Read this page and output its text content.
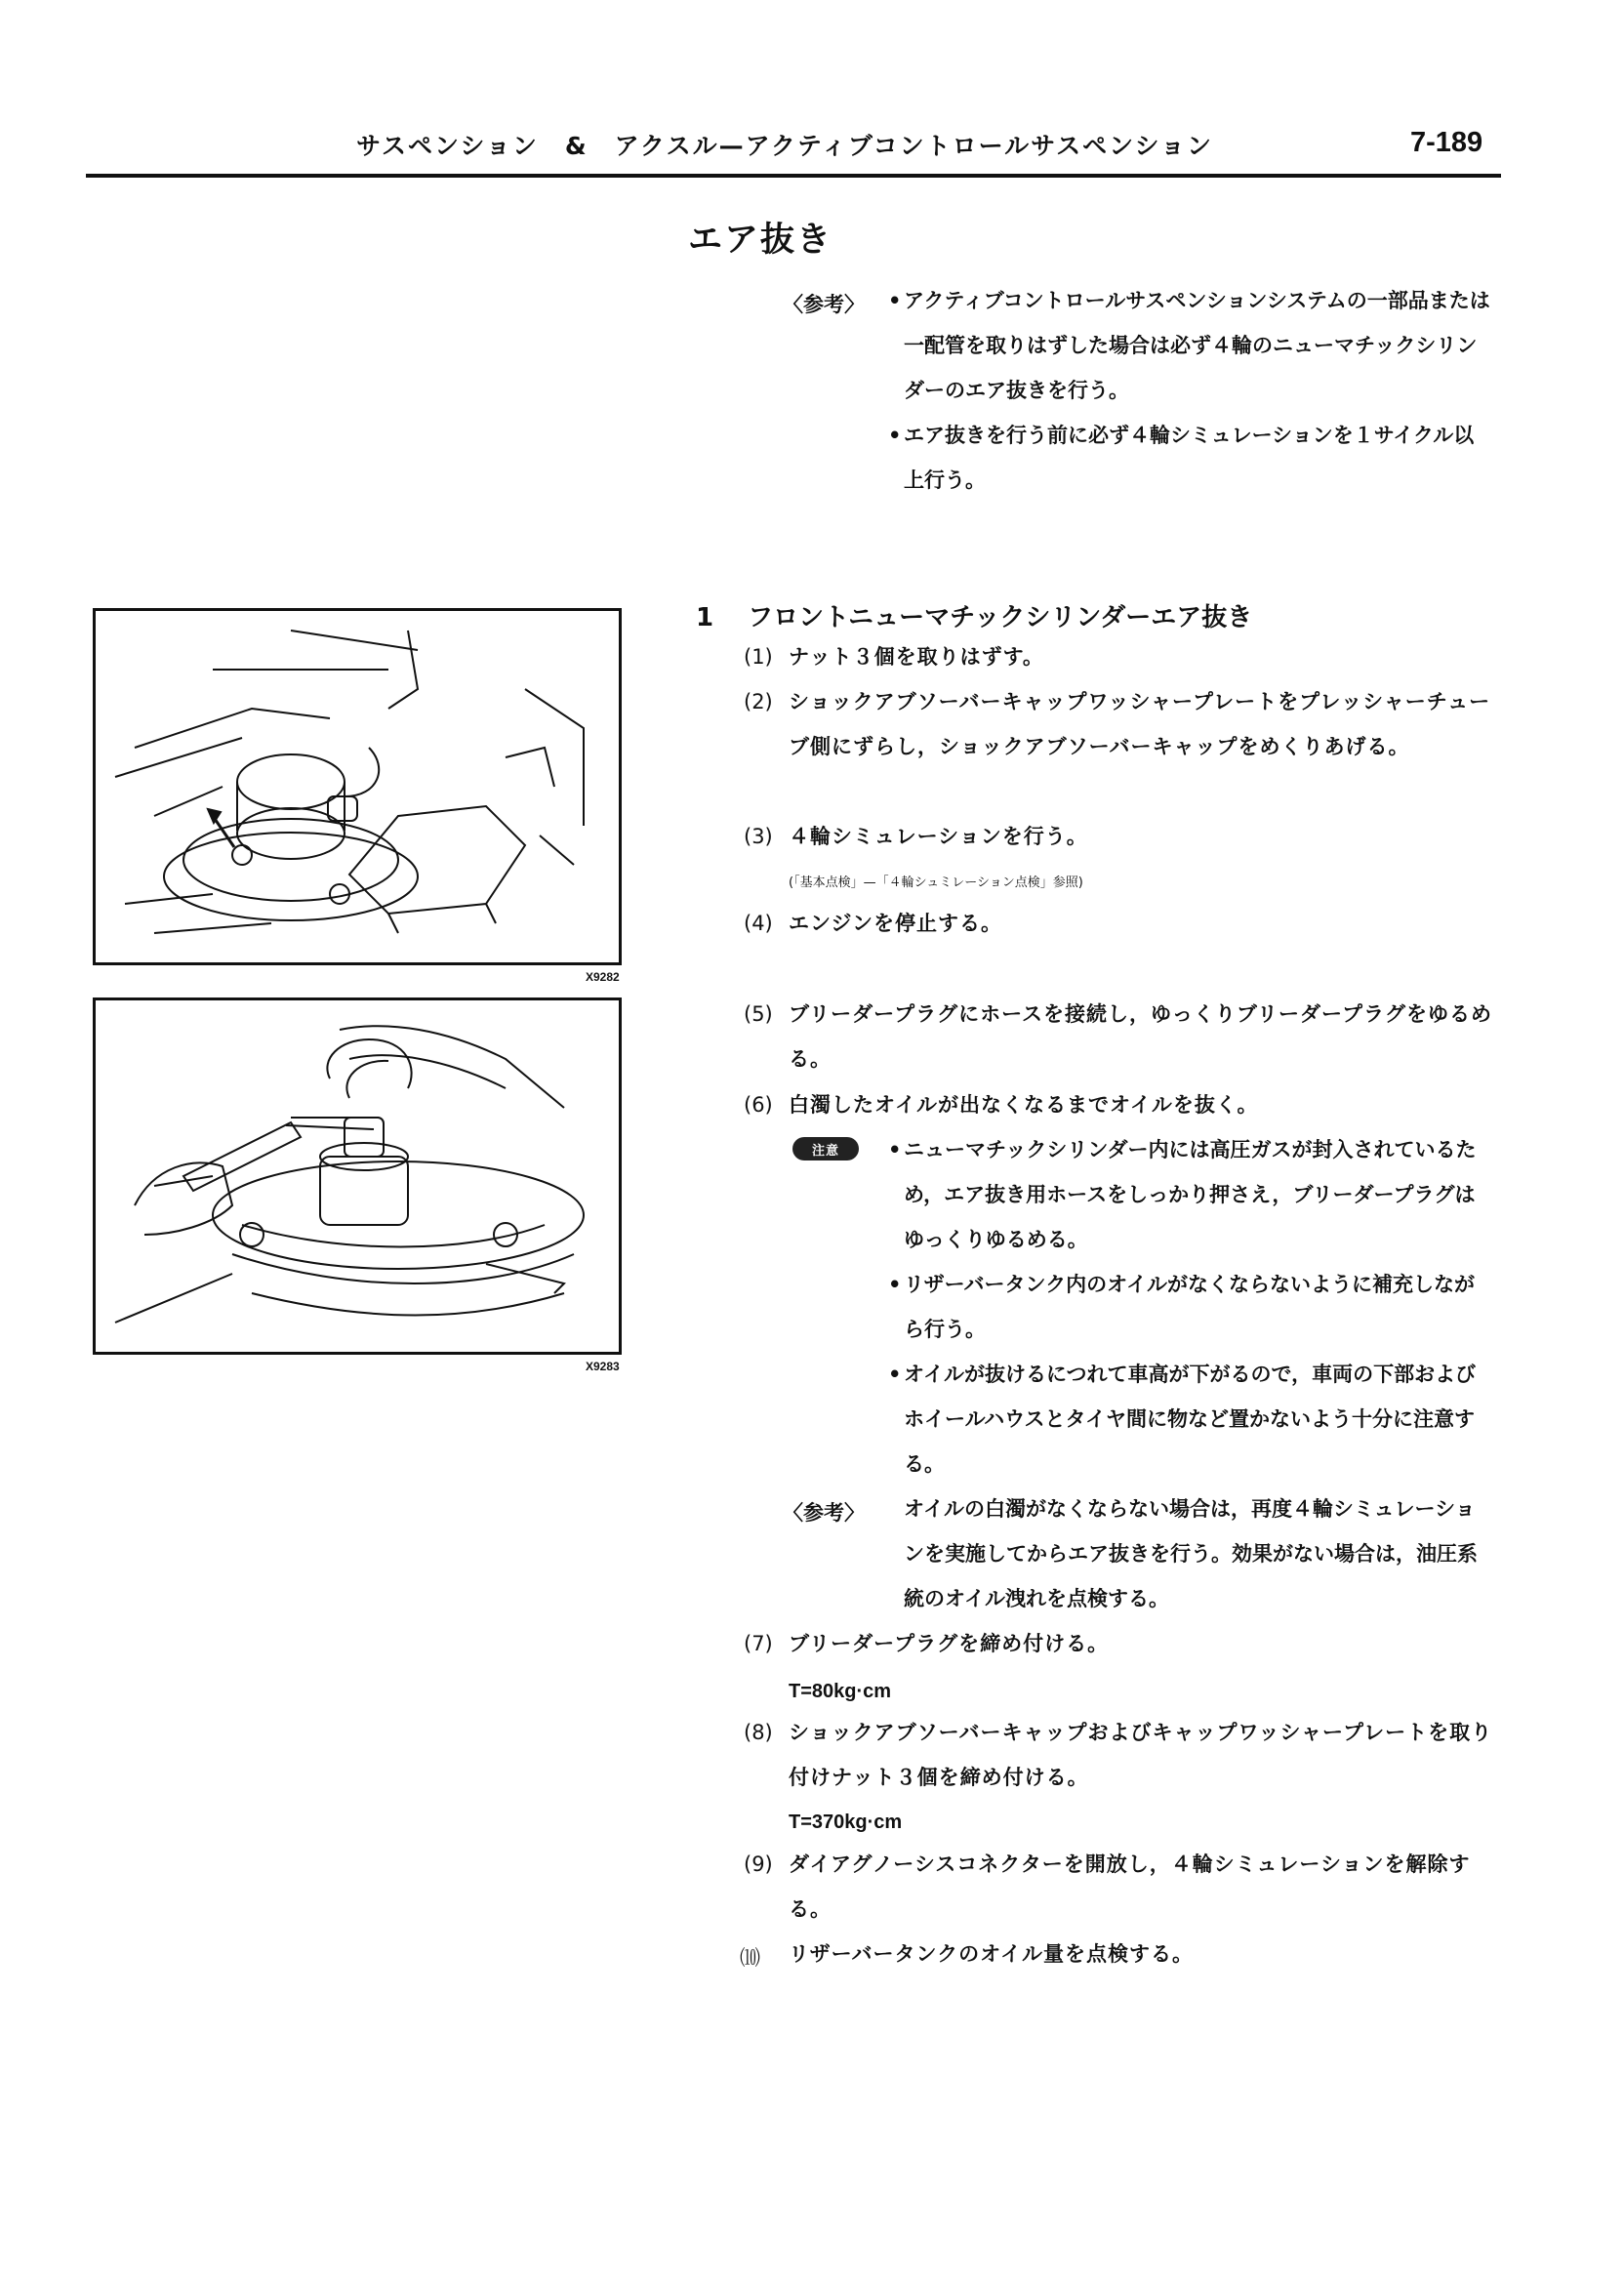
サスペンション　&　アクスル—アクティブコントロールサスペンション	7-189
エア抜き
〈参考〉 • アクティブコントロールサスペンションシステムの一部品または一配管を取りはずした場合は必ず４輪のニューマチックシリンダーのエア抜きを行う。
• エア抜きを行う前に必ず４輪シミュレーションを１サイクル以上行う。
X9282
X9283
1 フロントニューマチックシリンダーエア抜き
(1) ナット３個を取りはずす。
(2) ショックアブソーバーキャップワッシャープレートをプレッシャーチューブ側にずらし，ショックアブソーバーキャップをめくりあげる。
(3) ４輪シミュレーションを行う。
(「基本点検」—「４輪シュミレーション点検」参照)
(4) エンジンを停止する。
(5) ブリーダープラグにホースを接続し，ゆっくりブリーダープラグをゆるめる。
(6) 白濁したオイルが出なくなるまでオイルを抜く。
注意 • ニューマチックシリンダー内には高圧ガスが封入されているため，エア抜き用ホースをしっかり押さえ，ブリーダープラグはゆっくりゆるめる。
• リザーバータンク内のオイルがなくならないように補充しながら行う。
• オイルが抜けるにつれて車高が下がるので，車両の下部およびホイールハウスとタイヤ間に物など置かないよう十分に注意する。
〈参考〉 オイルの白濁がなくならない場合は，再度４輪シミュレーションを実施してからエア抜きを行う。効果がない場合は，油圧系統のオイル洩れを点検する。
(7) ブリーダープラグを締め付ける。
T=80kg·cm
(8) ショックアブソーバーキャップおよびキャップワッシャープレートを取り付けナット３個を締め付ける。
T=370kg·cm
(9) ダイアグノーシスコネクターを開放し，４輪シミュレーションを解除する。
⑽ リザーバータンクのオイル量を点検する。
